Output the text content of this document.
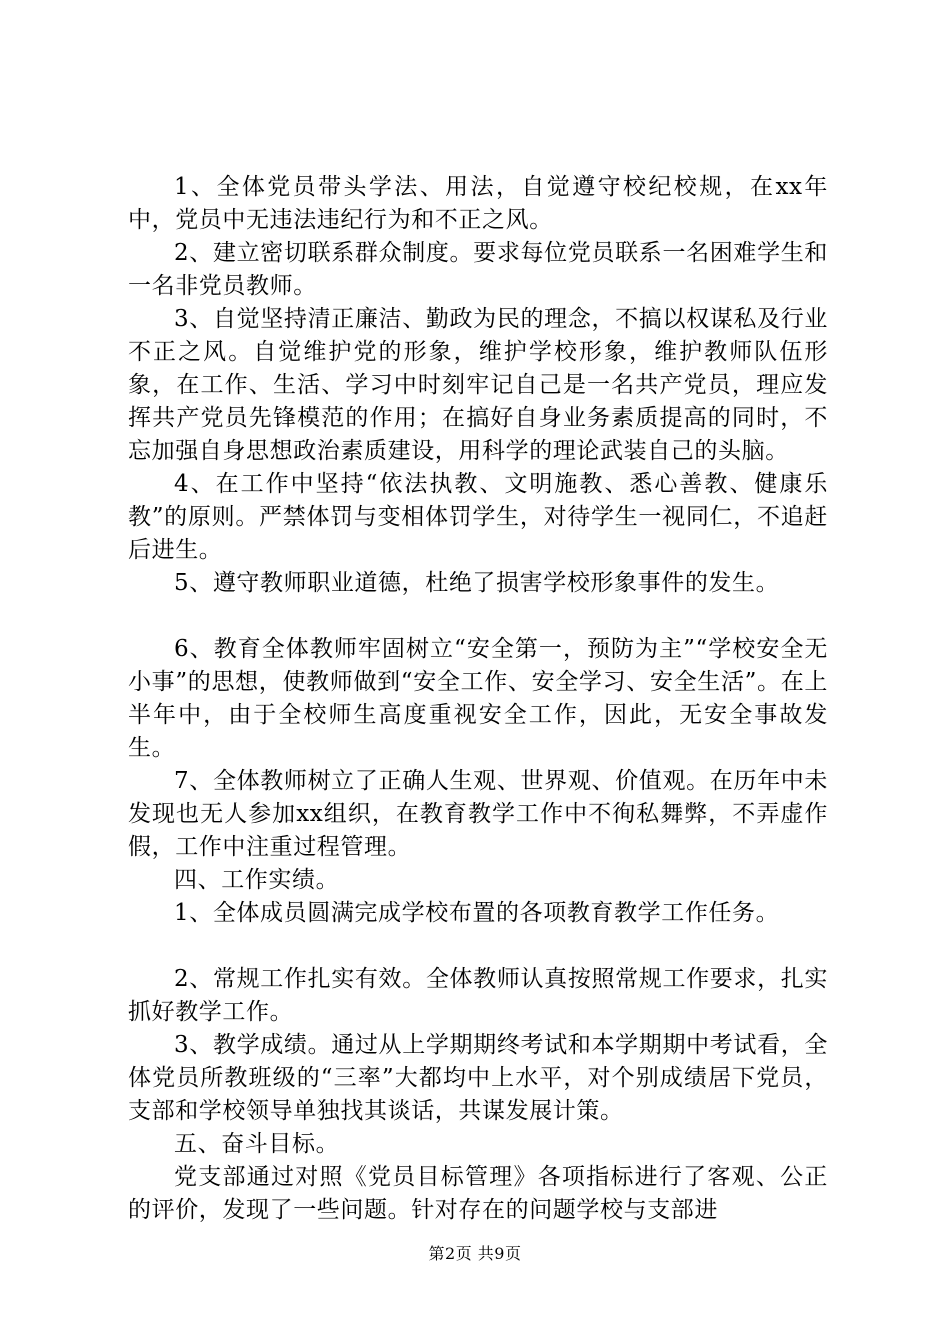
1、全体党员带头学法、用法，自觉遵守校纪校规，在xx年中，党员中无违法违纪行为和不正之风。

2、建立密切联系群众制度。要求每位党员联系一名困难学生和一名非党员教师。

3、自觉坚持清正廉洁、勤政为民的理念，不搞以权谋私及行业不正之风。自觉维护党的形象，维护学校形象，维护教师队伍形象，在工作、生活、学习中时刻牢记自己是一名共产党员，理应发挥共产党员先锋模范的作用；在搞好自身业务素质提高的同时，不忘加强自身思想政治素质建设，用科学的理论武装自己的头脑。

4、在工作中坚持“依法执教、文明施教、悉心善教、健康乐教”的原则。严禁体罚与变相体罚学生，对待学生一视同仁，不追赶后进生。

5、遵守教师职业道德，杜绝了损害学校形象事件的发生。

6、教育全体教师牢固树立“安全第一，预防为主”“学校安全无小事”的思想，使教师做到“安全工作、安全学习、安全生活”。在上半年中，由于全校师生高度重视安全工作，因此，无安全事故发生。

7、全体教师树立了正确人生观、世界观、价值观。在历年中未发现也无人参加xx组织，在教育教学工作中不徇私舞弊，不弄虚作假，工作中注重过程管理。

四、工作实绩。

1、全体成员圆满完成学校布置的各项教育教学工作任务。

2、常规工作扎实有效。全体教师认真按照常规工作要求，扎实抓好教学工作。

3、教学成绩。通过从上学期期终考试和本学期期中考试看，全体党员所教班级的“三率”大都均中上水平，对个别成绩居下党员，支部和学校领导单独找其谈话，共谋发展计策。

五、奋斗目标。

党支部通过对照《党员目标管理》各项指标进行了客观、公正的评价，发现了一些问题。针对存在的问题学校与支部进

第2页 共9页
